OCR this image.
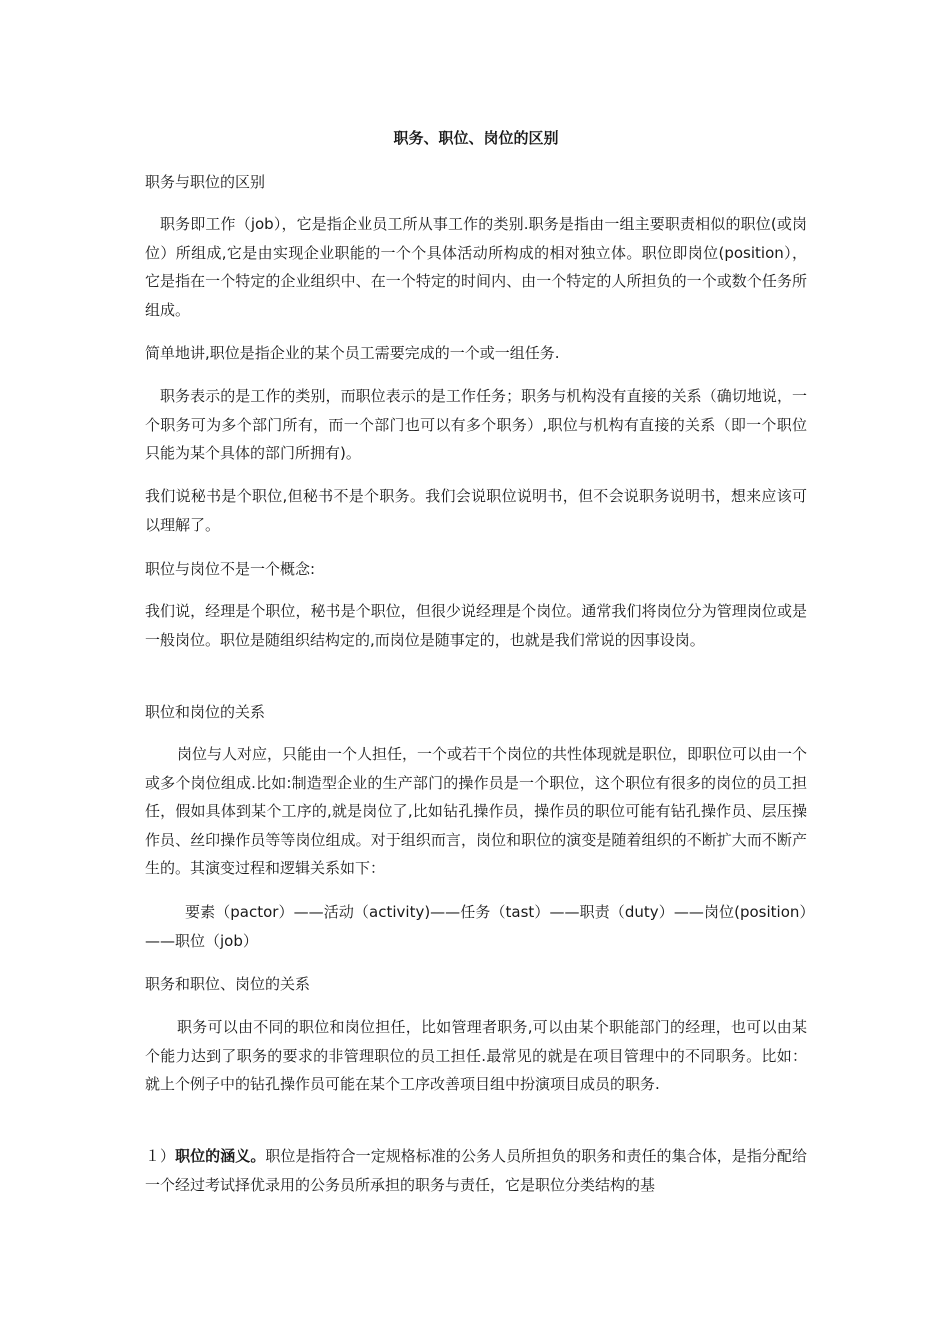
职务、职位、岗位的区别

职务与职位的区别

职务即工作（job），它是指企业员工所从事工作的类别.职务是指由一组主要职责相似的职位(或岗位）所组成,它是由实现企业职能的一个个具体活动所构成的相对独立体。职位即岗位(position），它是指在一个特定的企业组织中、在一个特定的时间内、由一个特定的人所担负的一个或数个任务所组成。

简单地讲,职位是指企业的某个员工需要完成的一个或一组任务.

职务表示的是工作的类别，而职位表示的是工作任务；职务与机构没有直接的关系（确切地说，一个职务可为多个部门所有，而一个部门也可以有多个职务）,职位与机构有直接的关系（即一个职位只能为某个具体的部门所拥有)。

我们说秘书是个职位,但秘书不是个职务。我们会说职位说明书，但不会说职务说明书，想来应该可以理解了。

职位与岗位不是一个概念:

我们说，经理是个职位，秘书是个职位，但很少说经理是个岗位。通常我们将岗位分为管理岗位或是一般岗位。职位是随组织结构定的,而岗位是随事定的，也就是我们常说的因事设岗。

职位和岗位的关系

岗位与人对应，只能由一个人担任，一个或若干个岗位的共性体现就是职位，即职位可以由一个或多个岗位组成.比如:制造型企业的生产部门的操作员是一个职位，这个职位有很多的岗位的员工担任，假如具体到某个工序的,就是岗位了,比如钻孔操作员，操作员的职位可能有钻孔操作员、层压操作员、丝印操作员等等岗位组成。对于组织而言，岗位和职位的演变是随着组织的不断扩大而不断产生的。其演变过程和逻辑关系如下：

要素（pactor）——活动（activity)——任务（tast）——职责（duty）——岗位(position）——职位（job）

职务和职位、岗位的关系

职务可以由不同的职位和岗位担任，比如管理者职务,可以由某个职能部门的经理，也可以由某个能力达到了职务的要求的非管理职位的员工担任.最常见的就是在项目管理中的不同职务。比如：就上个例子中的钻孔操作员可能在某个工序改善项目组中扮演项目成员的职务.

１）职位的涵义。职位是指符合一定规格标准的公务人员所担负的职务和责任的集合体，是指分配给一个经过考试择优录用的公务员所承担的职务与责任，它是职位分类结构的基
